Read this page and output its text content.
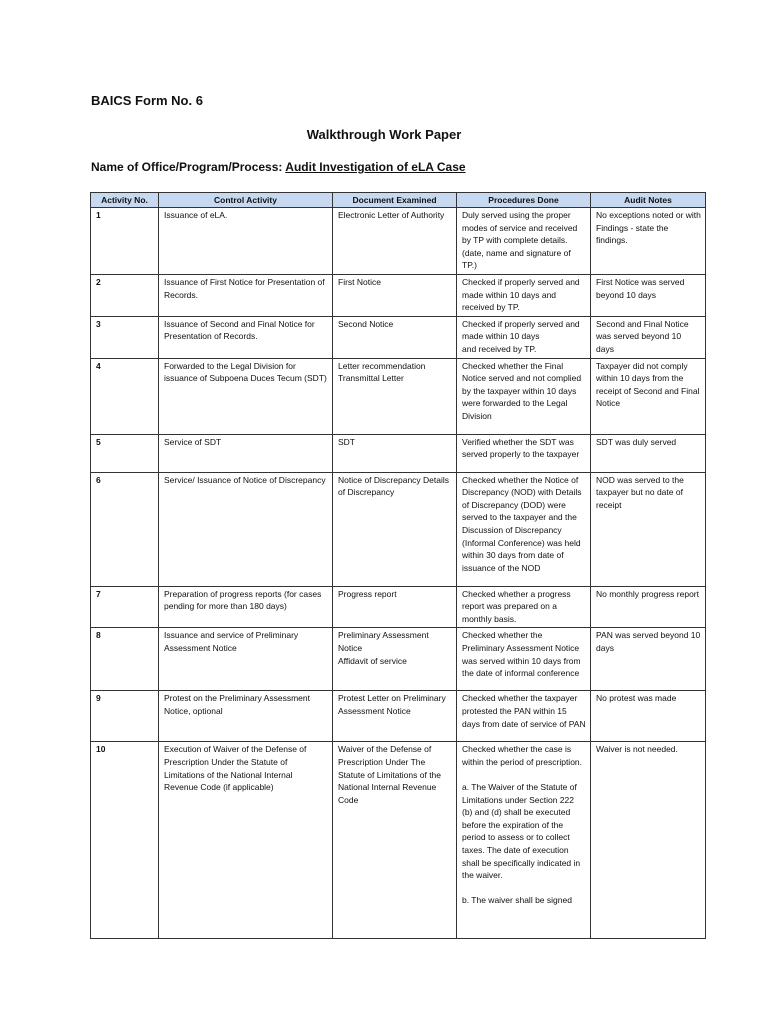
BAICS Form No. 6
Walkthrough Work Paper
Name of Office/Program/Process: Audit Investigation of eLA Case
Activity No.	Control Activity	Document Examined	Procedures Done	Audit Notes
1	Issuance of eLA.	Electronic Letter of Authority	Duly served using the proper modes of service and received by TP with complete details. (date, name and signature of TP.)	No exceptions noted or with Findings - state the findings.
2	Issuance of First Notice for Presentation of Records.	First Notice	Checked if properly served and made within 10 days and received by TP.	First Notice was served beyond 10 days
3	Issuance of Second and Final Notice for Presentation of Records.	Second Notice	Checked if properly served and made within 10 days
and received by TP.	Second and Final Notice was served beyond 10 days
4	Forwarded to the Legal Division for issuance of Subpoena Duces Tecum (SDT)	Letter recommendation Transmittal Letter	Checked whether the Final Notice served and not complied by the taxpayer within 10 days were forwarded to the Legal Division	Taxpayer did not comply within 10 days from the receipt of Second and Final Notice
5	Service of SDT	SDT	Verified whether the SDT was served properly to the taxpayer	SDT was duly served
6	Service/ Issuance of Notice of Discrepancy	Notice of Discrepancy Details of Discrepancy	Checked whether the Notice of Discrepancy (NOD) with Details of Discrepancy (DOD) were served to the taxpayer and the Discussion of Discrepancy (Informal Conference) was held within 30 days from date of issuance of the NOD	NOD was served to the taxpayer but no date of receipt
7	Preparation of progress reports (for cases pending for more than 180 days)	Progress report	Checked whether a progress report was prepared on a monthly basis.	No monthly progress report
8	Issuance and service of Preliminary Assessment Notice	Preliminary Assessment Notice
Affidavit of service	Checked whether the Preliminary Assessment Notice was served within 10 days from the date of informal conference	PAN was served beyond 10 days
9	Protest on the Preliminary Assessment Notice, optional	Protest Letter on Preliminary Assessment Notice	Checked whether the taxpayer protested the PAN within 15 days from date of service of PAN	No protest was made
10	Execution of Waiver of the Defense of Prescription Under the Statute of Limitations of the National Internal Revenue Code (if applicable)	Waiver of the Defense of Prescription Under The Statute of Limitations of the National Internal Revenue Code	Checked whether the case is within the period of prescription.

a. The Waiver of the Statute of Limitations under Section 222 (b) and (d) shall be executed before the expiration of the period to assess or to collect taxes. The date of execution shall be specifically indicated in the waiver.

b. The waiver shall be signed	Waiver is not needed.
